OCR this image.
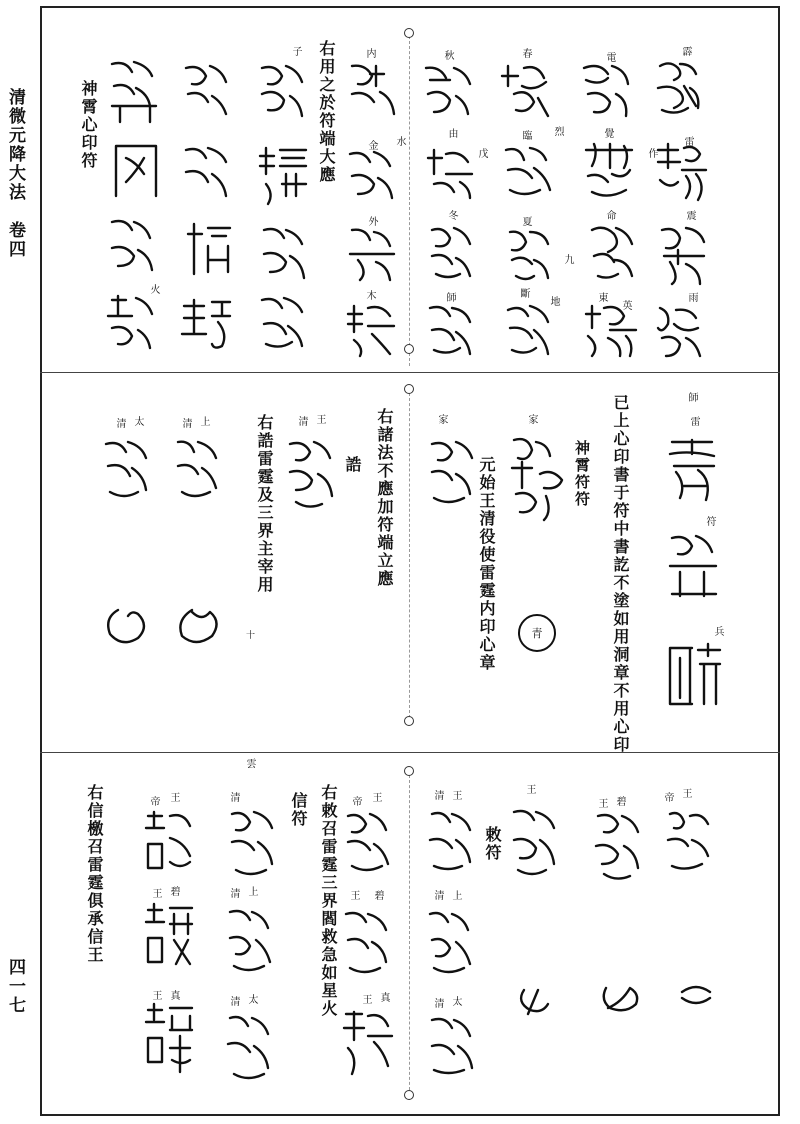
清微元降大法　卷四
四一七
神霄心印符	右用之於符端大應	霹
雷
震
雨
電
覺
作
命
東
英
春
臨 烈
夏
九
斷
地
秋
由
戊
冬
師
内
金 水
外
木
子
火
已上心印書于符中書訖不塗如用洞章不用心印
神霄符符
元始王清役使雷霆内印心章
右諸法不應加符端立應
右誥雷霆及三界主宰用
師
雷
符
兵
家
家
清 王
清 上
清 太
誥
十	青
敕符
右敕召雷霆三界閻救急如星火
信符
右信檄召雷霆俱承信王	王
帝
王 碧
王
清 王
清 上
清 太
帝 王
王 碧
王 真
雲
清
清 上
清 太
帝 王
王 碧
王 真
